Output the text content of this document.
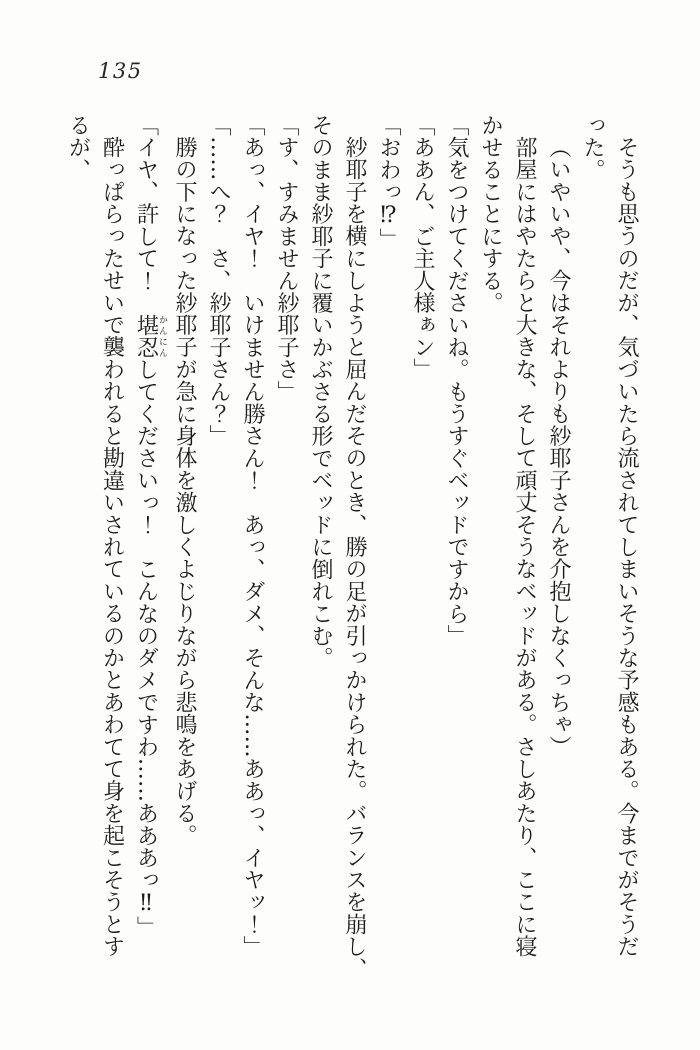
135

そうも思うのだが、気づいたら流されてしまいそうな予感もある。今までがそうだ

った。

（いやいや、今はそれよりも紗耶子さんを介抱しなくっちゃ）

部屋にはやたらと大きな、そして頑丈そうなベッドがある。さしあたり、ここに寝

かせることにする。

「気をつけてくださいね。もうすぐベッドですから」

「ああん、ご主人様ぁン」

「おわっ⁉」

紗耶子を横にしようと屈んだそのとき、勝の足が引っかけられた。バランスを崩し、

そのまま紗耶子に覆いかぶさる形でベッドに倒れこむ。

「す、すみません紗耶子さ」

「あっ、イヤ！　いけません勝さん！　あっ、ダメ、そんな……ああっ、イヤッ！」

「……へ？　さ、紗耶子さん？」

勝の下になった紗耶子が急に身体を激しくよじりながら悲鳴をあげる。

「イヤ、許して！　堪忍かんにんしてくださいっ！　こんなのダメですわ……あああっ‼」

酔っぱらったせいで襲われると勘違いされているのかとあわてて身を起こそうとす

るが、
